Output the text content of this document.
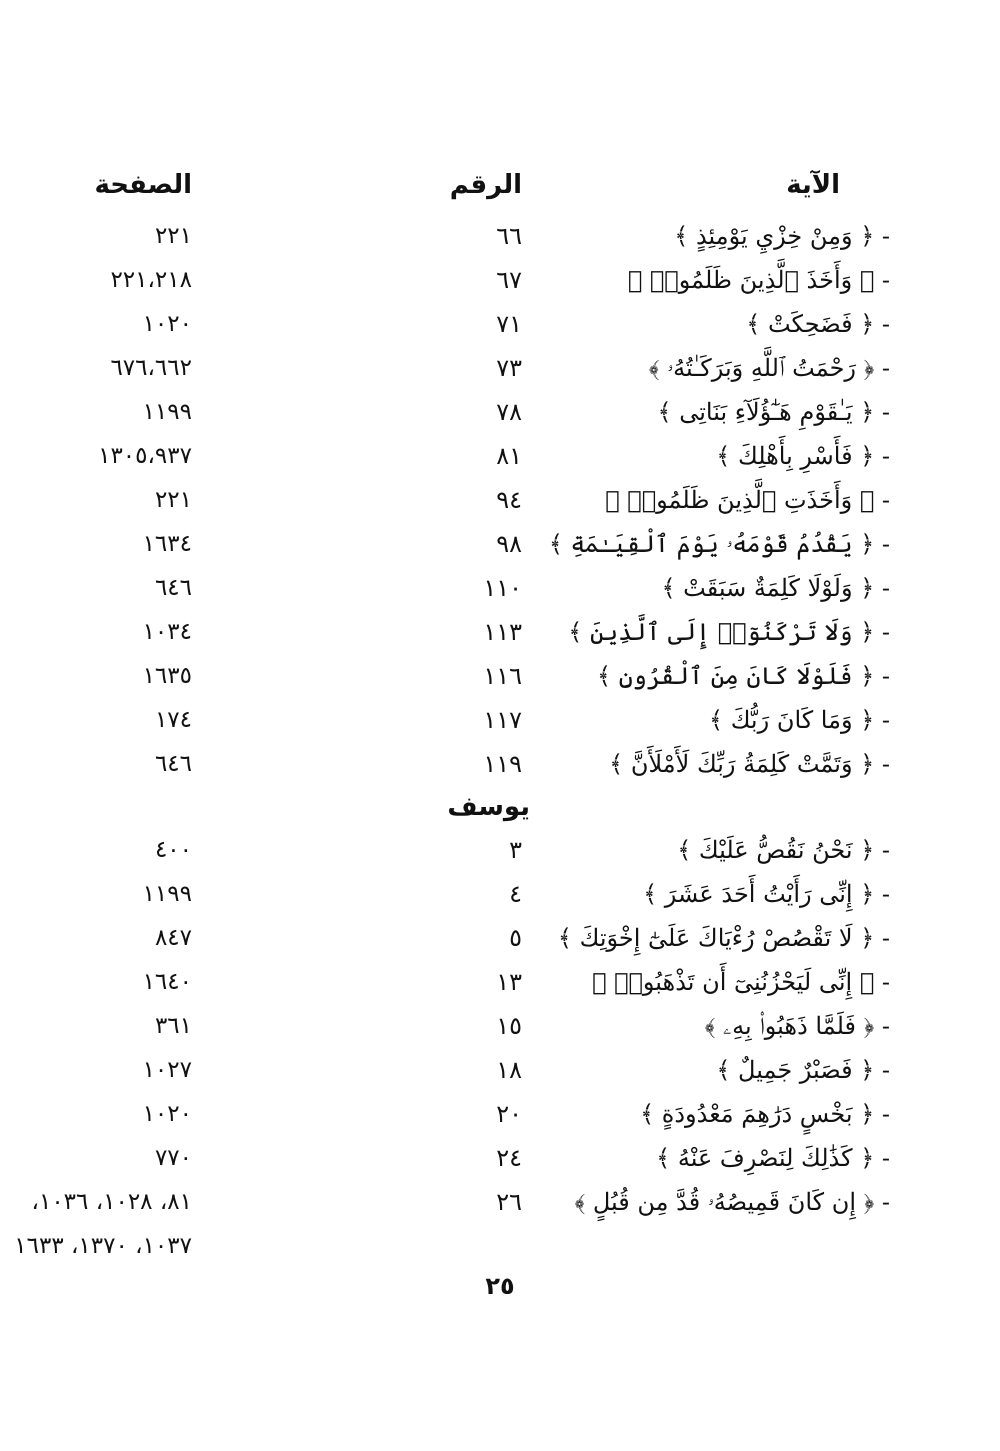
الآية
الرقم
الصفحة
- ﴿ وَمِنْ خِزْيِ يَوْمِئِذٍ ﴾
٦٦
٢٢١
- ﴿ وَأَخَذَ ٱلَّذِينَ ظَلَمُوا۟ ﴾
٦٧
٢٢١،٢١٨
- ﴿ فَضَحِكَتْ ﴾
٧١
١٠٢٠
- ﴿ رَحْمَتُ ٱللَّهِ وَبَرَكَـٰتُهُۥ ﴾
٧٣
٦٧٦،٦٦٢
- ﴿ يَـٰقَوْمِ هَـٰٓؤُلَآءِ بَنَاتِى ﴾
٧٨
١١٩٩
- ﴿ فَأَسْرِ بِأَهْلِكَ ﴾
٨١
١٣٠٥،٩٣٧
- ﴿ وَأَخَذَتِ ٱلَّذِينَ ظَلَمُوا۟ ﴾
٩٤
٢٢١
- ﴿ يَقْدُمُ قَوْمَهُۥ يَوْمَ ٱلْقِيَـٰمَةِ ﴾
٩٨
١٦٣٤
- ﴿ وَلَوْلَا كَلِمَةٌ سَبَقَتْ ﴾
١١٠
٦٤٦
- ﴿ وَلَا تَرْكَنُوٓا۟ إِلَى ٱلَّذِينَ ﴾
١١٣
١٠٣٤
- ﴿ فَلَوْلَا كَانَ مِنَ ٱلْقُرُونِ ﴾
١١٦
١٦٣٥
- ﴿ وَمَا كَانَ رَبُّكَ ﴾
١١٧
١٧٤
- ﴿ وَتَمَّتْ كَلِمَةُ رَبِّكَ لَأَمْلَأَنَّ ﴾
١١٩
٦٤٦
يوسف
- ﴿ نَحْنُ نَقُصُّ عَلَيْكَ ﴾
٣
٤٠٠
- ﴿ إِنِّى رَأَيْتُ أَحَدَ عَشَرَ ﴾
٤
١١٩٩
- ﴿ لَا تَقْصُصْ رُءْيَاكَ عَلَىٰٓ إِخْوَتِكَ ﴾
٥
٨٤٧
- ﴿ إِنِّى لَيَحْزُنُنِىٓ أَن تَذْهَبُوا۟ ﴾
١٣
١٦٤٠
- ﴿ فَلَمَّا ذَهَبُوا۟ بِهِۦ ﴾
١٥
٣٦١
- ﴿ فَصَبْرٌ جَمِيلٌ ﴾
١٨
١٠٢٧
- ﴿ بَخْسٍ دَرَٰهِمَ مَعْدُودَةٍ ﴾
٢٠
١٠٢٠
- ﴿ كَذَٰلِكَ لِنَصْرِفَ عَنْهُ ﴾
٢٤
٧٧٠
- ﴿ إِن كَانَ قَمِيصُهُۥ قُدَّ مِن قُبُلٍ ﴾
٢٦
٨١، ١٠٢٨، ١٠٣٦،
١٠٣٧، ١٣٧٠، ١٦٣٣
٢٥
